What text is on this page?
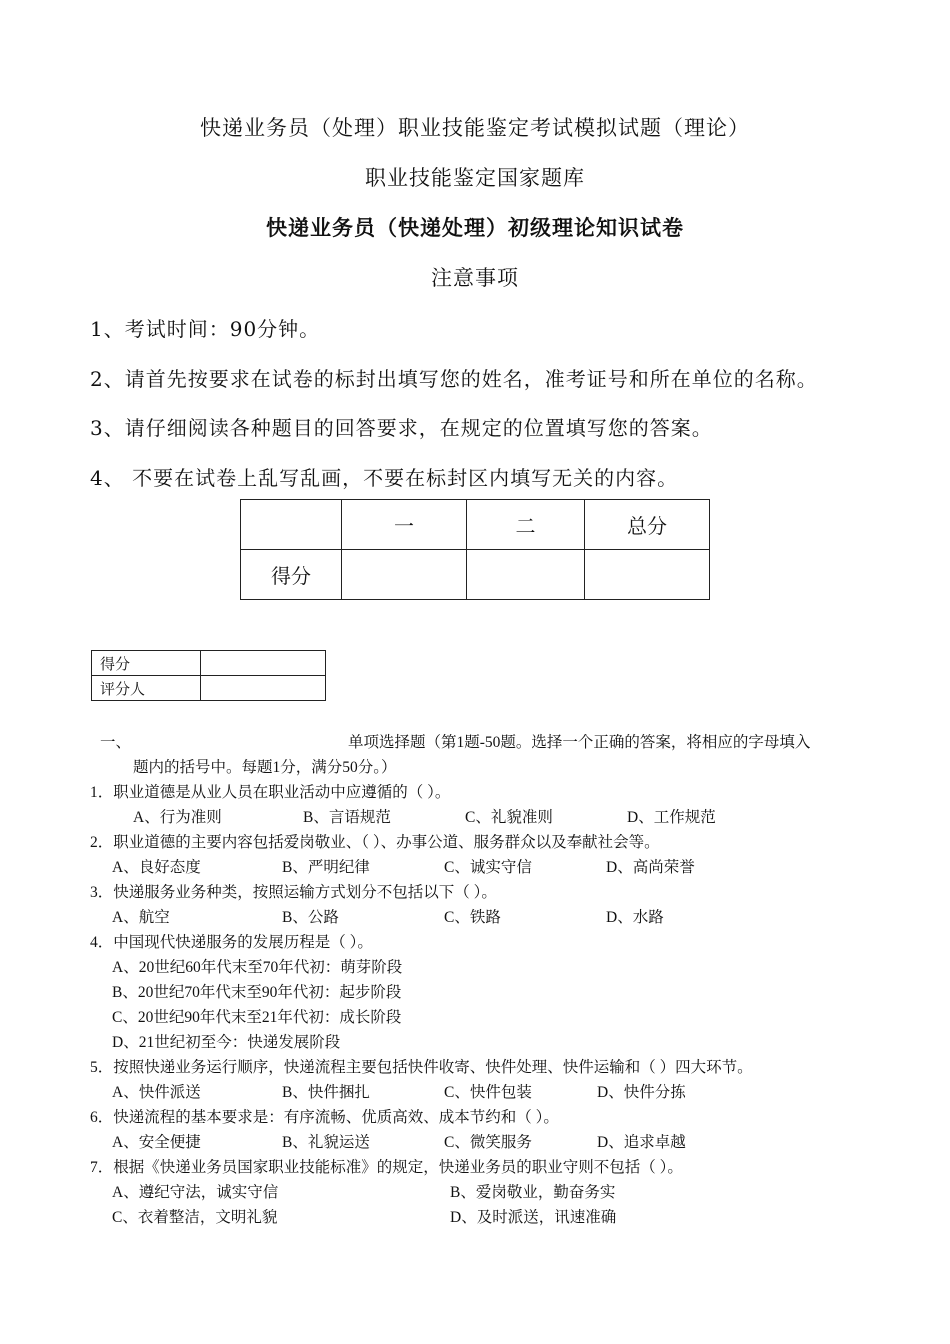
快递业务员（处理）职业技能鉴定考试模拟试题（理论）
职业技能鉴定国家题库
快递业务员（快递处理）初级理论知识试卷
注意事项
1、考试时间：90分钟。
2、请首先按要求在试卷的标封出填写您的姓名，准考证号和所在单位的名称。
3、请仔细阅读各种题目的回答要求，在规定的位置填写您的答案。
4、 不要在试卷上乱写乱画，不要在标封区内填写无关的内容。
	一	二	总分
得分			
得分	
评分人	
一、	单项选择题（第1题-50题。选择一个正确的答案，将相应的字母填入
题内的括号中。每题1分，满分50分。）
1．职业道德是从业人员在职业活动中应遵循的（ ）。
A、行为准则	B、言语规范	C、礼貌准则	D、工作规范
2．职业道德的主要内容包括爱岗敬业、（ ）、办事公道、服务群众以及奉献社会等。
A、良好态度	B、严明纪律	C、诚实守信	D、高尚荣誉
3．快递服务业务种类，按照运输方式划分不包括以下（ ）。
A、航空	B、公路	C、铁路	D、水路
4．中国现代快递服务的发展历程是（ ）。
A、20世纪60年代末至70年代初：萌芽阶段
B、20世纪70年代末至90年代初：起步阶段
C、20世纪90年代末至21年代初：成长阶段
D、21世纪初至今：快递发展阶段
5．按照快递业务运行顺序，快递流程主要包括快件收寄、快件处理、快件运输和（ ）四大环节。
A、快件派送	B、快件捆扎	C、快件包装	D、快件分拣
6．快递流程的基本要求是：有序流畅、优质高效、成本节约和（ ）。
A、安全便捷	B、礼貌运送	C、微笑服务	D、追求卓越
7．根据《快递业务员国家职业技能标准》的规定，快递业务员的职业守则不包括（ ）。
A、遵纪守法，诚实守信	B、爱岗敬业，勤奋务实
C、衣着整洁，文明礼貌	D、及时派送，讯速准确
